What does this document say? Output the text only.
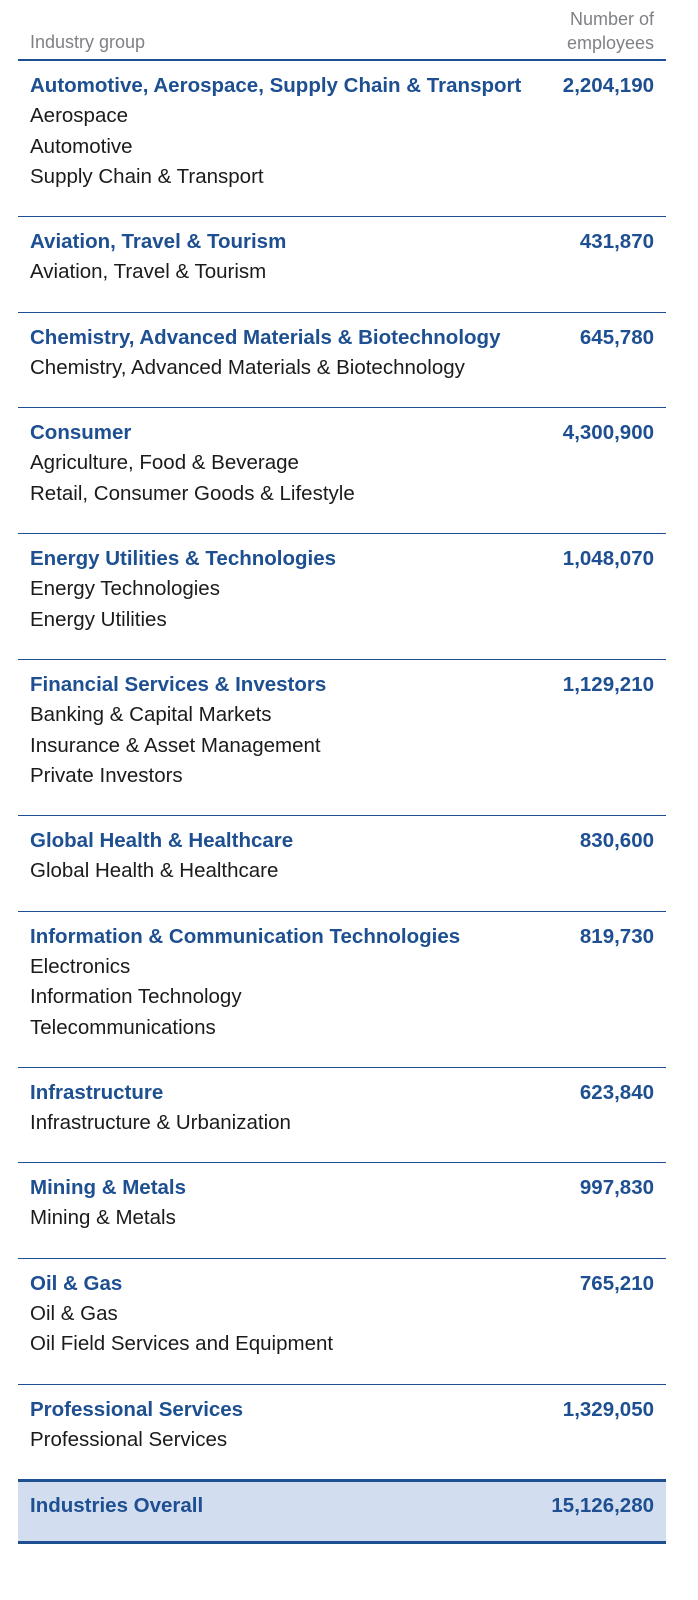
Industry group
Number of
employees
Automotive, Aerospace, Supply Chain & Transport	2,204,190
Aerospace
Automotive
Supply Chain & Transport
Aviation, Travel & Tourism	431,870
Aviation, Travel & Tourism
Chemistry, Advanced Materials & Biotechnology	645,780
Chemistry, Advanced Materials & Biotechnology
Consumer	4,300,900
Agriculture, Food & Beverage
Retail, Consumer Goods & Lifestyle
Energy Utilities & Technologies	1,048,070
Energy Technologies
Energy Utilities
Financial Services & Investors	1,129,210
Banking & Capital Markets
Insurance & Asset Management
Private Investors
Global Health & Healthcare	830,600
Global Health & Healthcare
Information & Communication Technologies	819,730
Electronics
Information Technology
Telecommunications
Infrastructure	623,840
Infrastructure & Urbanization
Mining & Metals	997,830
Mining & Metals
Oil & Gas	765,210
Oil & Gas
Oil Field Services and Equipment
Professional Services	1,329,050
Professional Services
Industries Overall	15,126,280
